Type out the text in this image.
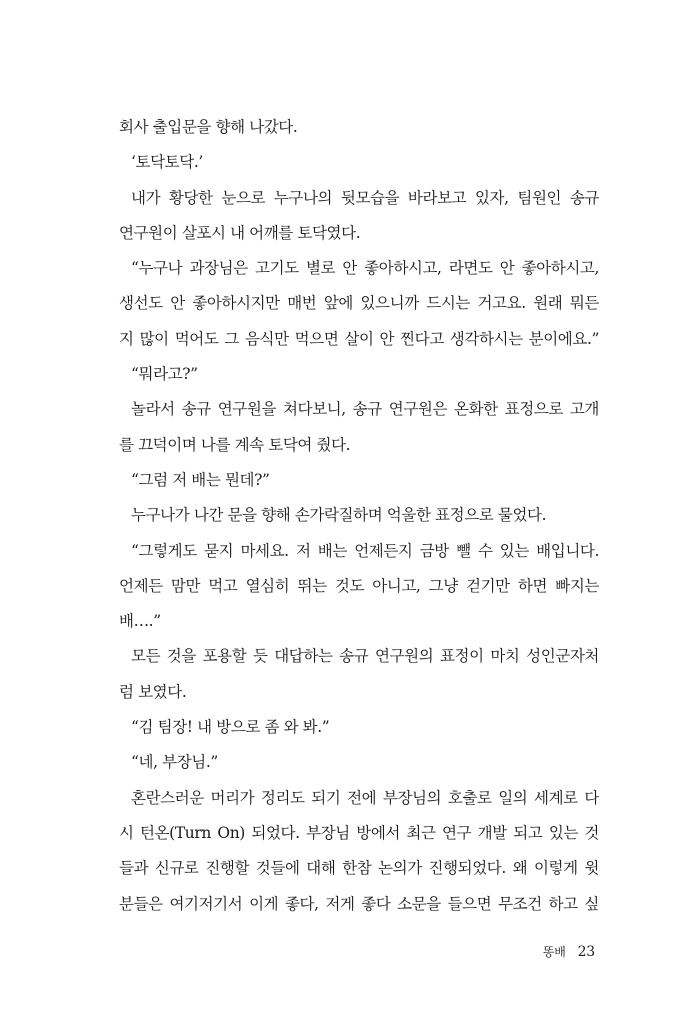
회사 출입문을 향해 나갔다.
‘토닥토닥.’
내가 황당한 눈으로 누구나의 뒷모습을 바라보고 있자, 팀원인 송규
연구원이 살포시 내 어깨를 토닥였다.
“누구나 과장님은 고기도 별로 안 좋아하시고, 라면도 안 좋아하시고,
생선도 안 좋아하시지만 매번 앞에 있으니까 드시는 거고요. 원래 뭐든
지 많이 먹어도 그 음식만 먹으면 살이 안 찐다고 생각하시는 분이에요.”
“뭐라고?”
놀라서 송규 연구원을 쳐다보니, 송규 연구원은 온화한 표정으로 고개
를 끄덕이며 나를 계속 토닥여 줬다.
“그럼 저 배는 뭔데?”
누구나가 나간 문을 향해 손가락질하며 억울한 표정으로 물었다.
“그렇게도 묻지 마세요. 저 배는 언제든지 금방 뺄 수 있는 배입니다.
언제든 맘만 먹고 열심히 뛰는 것도 아니고, 그냥 걷기만 하면 빠지는
배….”
모든 것을 포용할 듯 대답하는 송규 연구원의 표정이 마치 성인군자처
럼 보였다.
“김 팀장! 내 방으로 좀 와 봐.”
“네, 부장님.”
혼란스러운 머리가 정리도 되기 전에 부장님의 호출로 일의 세계로 다
시 턴온(Turn On) 되었다. 부장님 방에서 최근 연구 개발 되고 있는 것
들과 신규로 진행할 것들에 대해 한참 논의가 진행되었다. 왜 이렇게 윗
분들은 여기저기서 이게 좋다, 저게 좋다 소문을 들으면 무조건 하고 싶
똥배 23
